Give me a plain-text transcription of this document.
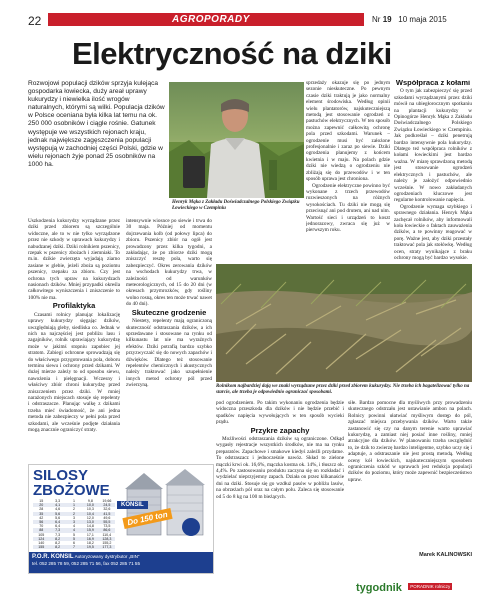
22	AGROPORADY	Nr 19 10 maja 2015
Elektryczność na dziki
Rozwojowi populacji dzików sprzyja kulejąca gospodarka łowiecka, duży areał uprawy kukurydzy i niewielka ilość wrogów naturalnych, którymi są wilki. Populacja dzików w Polsce oceniana była kilka lat temu na ok. 250 000 osobników i ciągle rośnie. Gatunek występuje we wszystkich rejonach kraju, jednak największe zagęszczenia populacji występują w zachodniej części Polski, gdzie w wielu rejonach żyje ponad 25 osobników na 1000 ha.
Henryk Mąka z Zakładu Doświadczalnego Polskiego Związku Łowieckiego w Czempiniu

Uszkodzenia kukurydzy wyrządzane przez dziki przed zbiorem są szczególnie widoczne, ale to w nie tylko wyrządzone przez nie szkody w uprawach kukurydzy i nabudzanej dziki. Dziki rolnikiem pszenicy, rzepak w pszenicy zbożach i ziemniaki. To m.in. dzikie zwierzęta wyjadają ziarno zasiane w glebie, jeżeli zboża są poziomu pszenicy, rzepaku za zbioru. Czy jest ochrona tych upraw na kukurydzach nasionach dzików. Mniej przypadki określa całkowitego wyniszczenia i zniszczenie to 100% nie ma.

Profilaktyka

Czasami rolnicy planując lokalizację uprawy kukurydzy sięgając dzików, uwzględniają gleby, siedliska co. Jednak w nich na najczęściej jest pobliżu lasu i zagajników, rolnik uprawiający kukurydzę może w jakimś stopniu zapobiec jej stratom. Zabiegi ochronne sprowadzają się do właściwego przygotowania pola, doboru terminu siewu i ochrony przed dzikami. W dużej mierze zależy to od sposobu siewu, nawożenia i pielęgnacji. Wczesny i właściwy zbiór chroni kukurydzę przed zniszczeniem przez dziki. W mniej narażonych miejscach stosuje się repelenty i odstraszacze. Planując walkę z dzikami trzeba mieć świadomość, że ani jedna metoda nie zabezpieczy w pełni pola przed szkodami, ale wcześnie podjęte działania mogą znacznie ograniczyć straty.

intensywnie wiosnce po siewie i trwa do 30 maja. Później od momentu dojrzewania kolb (od połowy lipca) do zbioru. Pszenicy zbiór na ogół jest prowadzony przez kilka tygodni, a zakładając, że po zbiorze dziki mogą zniszczyć resztę pola, warto się zabezpieczyć. Okres zerowania dzików na wschodach kukurydzy trwa, w zależności od warunków meteorologicznych, od 15 do 20 dni (w okresach przymrozków, gdy rośliny wolno rosną, okres ten może trwać nawet do 40 dni).

Skuteczne grodzenie

Niestety, repelenty mają ograniczoną skuteczność odstraszania dzików, a ich sprzedawane i stosowane na rynku od kilkunastu lat nie ma wyraźnych efektów. Dziki potrafią bardzo szybko przyzwyczaić się do nowych zapachów i dźwięków. Dlatego też stosowanie repelentów chemicznych i akustycznych należy traktować jako uzupełnienie innych metod ochrony pól przed zwierzyną.

sprzedaży okazuje się po jednym sezonie nieskuteczne. Po pewnym czasie dziki traktują je jako normalny element środowiska. Według opinii wielu plantatorów, najskuteczniejszą metodą jest stosowanie ogrodzeń z pastuchów elektrycznych. W ten sposób można zapewnić całkowitą ochronę pola przed szkodami. Warunek – ogrodzenie musi być założone profesjonalnie i zaraz po siewie. Dziki ogrodzenia planujemy z końcem kwietnia i w maju. Na polach gdzie dziki nie wiedzą o ogrodzeniu nie zbliżają się do przewodów i w ten sposób uprawa jest chroniona.

Ogrodzenie elektryczne powinno być wykonane z trzech przewodów rozwieszonych na różnych wysokościach. Tu dziki nie mogą się przecisnąć ani pod drutem, ani nad nim. Wartość sieci i urządzeń to koszt jednorazowy, zwraca się już w pierwszym roku.

Współpraca z kołami

O tym jak zabezpieczyć się przed szkodami wyrządzanymi przez dziki mówił na ubiegłorocznym spotkaniu na plantacji kukurydzy w Opinogórze Henryk Mąka z Zakładu Doświadczalnego Polskiego Związku Łowieckiego w Czempiniu. Jak podkreślał – dziki penetrują bardzo intensywnie pola kukurydzy. Dlatego też współpraca rolników z kołami łowieckimi jest bardzo ważna. W miarę sprawdzoną metodą jest stosowanie ogrodzeń elektrycznych i pastuchów, ale należy je założyć odpowiednio wcześnie. W nowo zakładanych ogrodzeniach kluczowe jest regularne kontrolowanie napięcia.

Ogrodzenie wymaga szybkiego i sprawnego działania. Henryk Mąka zachęcał rolników, aby informowali koła łowieckie o faktach zauważenia dzików, a te powinny reagować w porę. Ważne jest, aby dziki przestały traktować pola jak stołówkę. Według ocen, straty wynikające z braku ochrony mogą być bardzo wysokie.

Rolnikom najbardziej dają we znaki wyrządzane przez dziki przed zbiorem kukurydzy. Nie trzeba ich bagatelizować tylko na starcie, ale trzeba je odpowiednio ograniczać sposobami.

pod ogrodzeniem. Po takim wykonaniu ogrodzenia będzie widoczna przeszkoda dla dzików i nie będzie przebić i spadków napięcia wywołujących w ten sposób wycieki prądu.

Przykre zapachy

Możliwości odstraszania dzików są ograniczone. Odkąd wygasły rejestracje wszystkich środków, nie ma na rynku preparatów. Zapachowe i smakowe kiedyś zaleźli przydatne. To odstraszacz i jednocześnie nawóz. Skład to zielone mączki krwi ok. 16,6%, mączka kostna ok. 14%, i tłuszcz ok. 4,4%. Po zastosowaniu produktu zaczyna się on rozkładać i wydzielać nieprzyjemny zapach. Działa on przez kilkanaście dni na dziki. Stosuje się go wzdłuż pasów w pobliżu lasów, na obrzeżach pól oraz na całym polu. Zaleca się stosowanie od 5 do 8 kg na 100 m bieżących.

siłe. Bardzo pomocne dla myśliwych przy prowadzeniu skutecznego odstrzału jest ustawianie ambon na polach. Rolnicy powinni ułatwiać myśliwym dostęp do pól, zgłaszać miejsca przebywania dzików. Warto także zastanowić się czy na danym terenie warto uprawiać kukurydzę, a zamiast niej posiać inne rośliny, mniej atrakcyjne dla dzików. W planowaniu trzeba uwzględnić to, że dzik to zwierzę bardzo inteligentne, szybko uczy się i adaptuje, a odstraszanie nie jest prostą metodą. Według oceny kół łowieckich, najskuteczniejszym sposobem ograniczenia szkód w uprawach jest redukcja populacji dzików do poziomu, który może zapewnić bezpieczeństwo upraw.

Marek KALINOWSKI
SILOSY
ZBOŻOWE
KONSIL
Do 150 ton
15	3,3	1	9,8	19,66
20	4,1	1	10,0	24,5
28	4,6	2	10,3	32,6
35	5,6	2	10,4	41,5
42	5,6	3	12,0	49,6
56	6,4	3	13,0	55,5
70	6,4	4	14,8	73,5
88	7,3	4	15,9	86,6
105	7,3	5	17,1	110,4
124	8,2	5	16,9	128,3
140	8,2	6	18,2	155,2
155	8,2	7	19,5	177,3
P.O.R. KONSIL Autoryzowany dystrybutor „BIN”
tel. 052 285 78 59, 052 285 71 56, fax 052 285 71 55
tygodnik PORADNIK rolniczy
